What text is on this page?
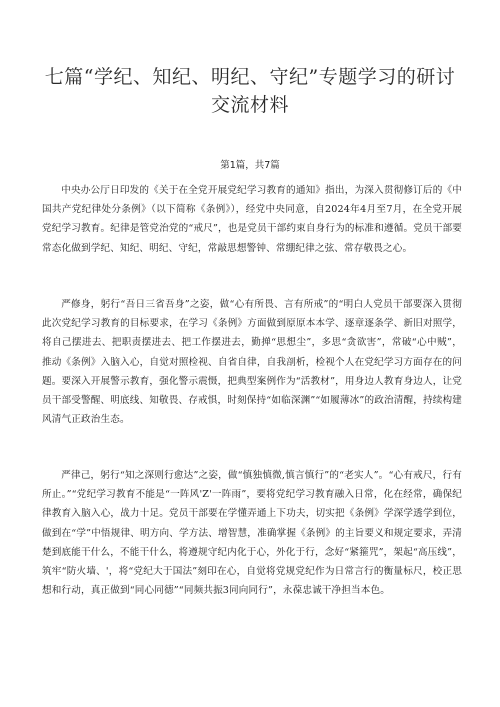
七篇“学纪、知纪、明纪、守纪”专题学习的研讨
交流材料
第1篇，共7篇
中央办公厅日印发的《关于在全党开展党纪学习教育的通知》指出，为深入贯彻修订后的《中国共产党纪律处分条例》（以下简称《条例》），经党中央同意，自2024年4月至7月，在全党开展党纪学习教育。纪律是管党治党的“戒尺”，也是党员干部约束自身行为的标准和遵循。党员干部要常态化做到学纪、知纪、明纪、守纪，常敲思想警钟、常绷纪律之弦、常存敬畏之心。
严修身，躬行“吾日三省吾身”之姿，做“心有所畏、言有所戒”的“明白人党员干部要深入贯彻此次党纪学习教育的目标要求，在学习《条例》方面做到原原本本学、逐章逐条学、新旧对照学，将自己摆进去、把职责摆进去、把工作摆进去，勤掸“思想尘”，多思“贪欲害”，常破“心中贼”，推动《条例》入脑入心，自觉对照检视、自省自律，自我剖析，检视个人在党纪学习方面存在的问题。要深入开展警示教育，强化警示震慑，把典型案例作为“活教材”，用身边人教育身边人，让党员干部受警醒、明底线、知敬畏、存戒惧，时刻保持“如临深渊”“如履薄冰”的政治清醒，持续构建风清气正政治生态。
严律己，躬行“知之深则行愈达”之姿，做“慎独慎微,慎言慎行”的“老实人”。“心有戒尺，行有所止。”“党纪学习教育不能是“一阵风'Z'一阵雨”，要将党纪学习教育融入日常，化在经常，确保纪律教育入脑入心，战力十足。党员干部要在学懂弄通上下功夫，切实把《条例》学深学透学到位，做到在“学”中悟规律、明方向、学方法、增智慧，准确掌握《条例》的主旨要义和规定要求，弄清楚到底能干什么，不能干什么，将遵规守纪内化于心，外化于行，念好“紧箍咒”，架起“高压线”，筑牢“防火墙、'，将“党纪大于国法”刻印在心，自觉将党规党纪作为日常言行的衡量标尺，校正思想和行动，真正做到“同心同德”“同频共振3同向同行”，永葆忠诚干净担当本色。
